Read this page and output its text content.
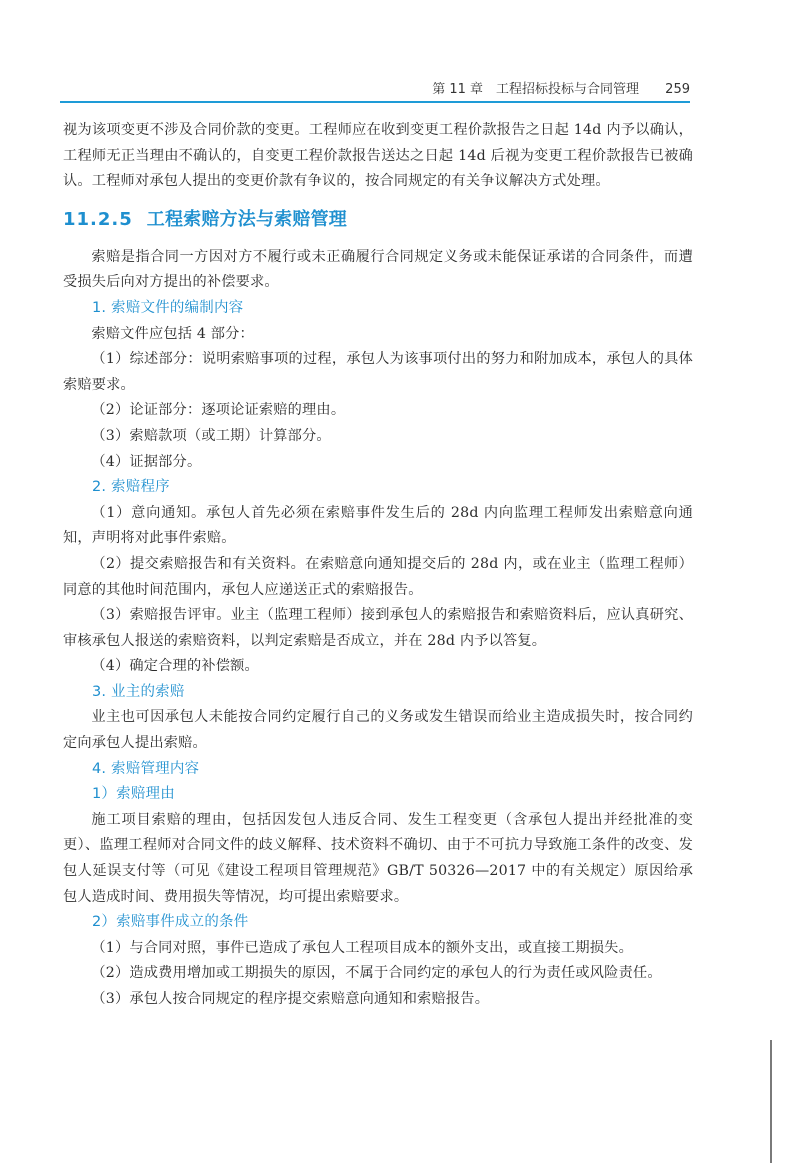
第 11 章　工程招标投标与合同管理 259

视为该项变更不涉及合同价款的变更。工程师应在收到变更工程价款报告之日起 14d 内予以确认，工程师无正当理由不确认的，自变更工程价款报告送达之日起 14d 后视为变更工程价款报告已被确认。工程师对承包人提出的变更价款有争议的，按合同规定的有关争议解决方式处理。

11.2.5 工程索赔方法与索赔管理

索赔是指合同一方因对方不履行或未正确履行合同规定义务或未能保证承诺的合同条件，而遭受损失后向对方提出的补偿要求。

1. 索赔文件的编制内容

索赔文件应包括 4 部分：

（1）综述部分：说明索赔事项的过程，承包人为该事项付出的努力和附加成本，承包人的具体索赔要求。

（2）论证部分：逐项论证索赔的理由。

（3）索赔款项（或工期）计算部分。

（4）证据部分。

2. 索赔程序

（1）意向通知。承包人首先必须在索赔事件发生后的 28d 内向监理工程师发出索赔意向通知，声明将对此事件索赔。

（2）提交索赔报告和有关资料。在索赔意向通知提交后的 28d 内，或在业主（监理工程师）同意的其他时间范围内，承包人应递送正式的索赔报告。

（3）索赔报告评审。业主（监理工程师）接到承包人的索赔报告和索赔资料后，应认真研究、审核承包人报送的索赔资料，以判定索赔是否成立，并在 28d 内予以答复。

（4）确定合理的补偿额。

3. 业主的索赔

业主也可因承包人未能按合同约定履行自己的义务或发生错误而给业主造成损失时，按合同约定向承包人提出索赔。

4. 索赔管理内容

1）索赔理由

施工项目索赔的理由，包括因发包人违反合同、发生工程变更（含承包人提出并经批准的变更）、监理工程师对合同文件的歧义解释、技术资料不确切、由于不可抗力导致施工条件的改变、发包人延误支付等（可见《建设工程项目管理规范》GB/T 50326—2017 中的有关规定）原因给承包人造成时间、费用损失等情况，均可提出索赔要求。

2）索赔事件成立的条件

（1）与合同对照，事件已造成了承包人工程项目成本的额外支出，或直接工期损失。

（2）造成费用增加或工期损失的原因，不属于合同约定的承包人的行为责任或风险责任。

（3）承包人按合同规定的程序提交索赔意向通知和索赔报告。
